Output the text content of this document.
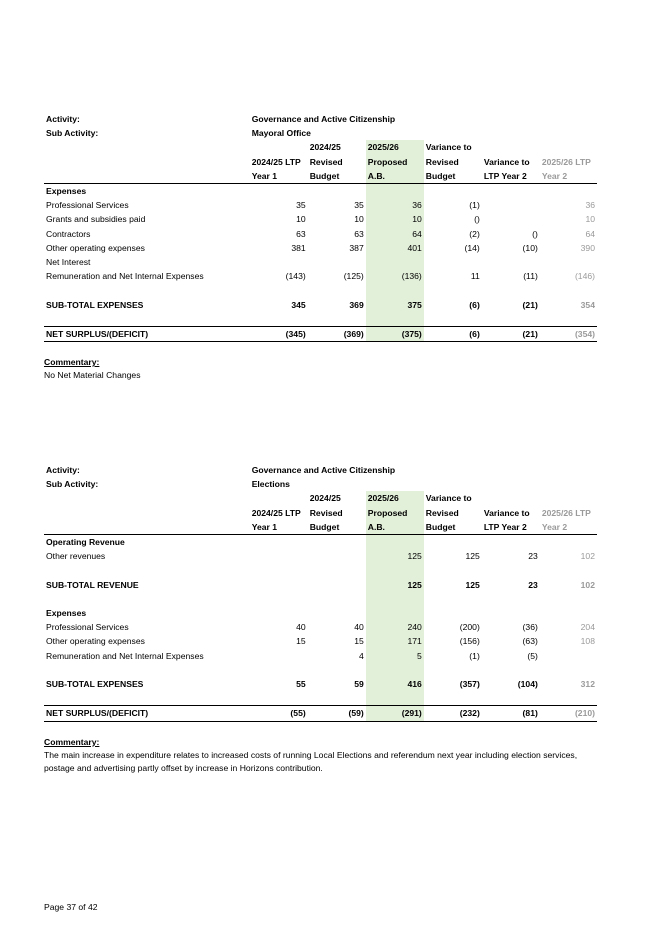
Activity:	Governance and Active Citizenship					
Sub Activity:	Mayoral Office					
		2024/25	2025/26	Variance to		
	2024/25 LTP	Revised	Proposed	Revised	Variance to	2025/26 LTP
	Year 1	Budget	A.B.	Budget	LTP Year 2	Year 2
Expenses						
Professional Services	35	35	36	(1)		36
Grants and subsidies paid	10	10	10	()		10
Contractors	63	63	64	(2)	()	64
Other operating expenses	381	387	401	(14)	(10)	390
Net Interest						
Remuneration and Net Internal Expenses	(143)	(125)	(136)	11	(11)	(146)

SUB-TOTAL EXPENSES	345	369	375	(6)	(21)	354

NET SURPLUS/(DEFICIT)	(345)	(369)	(375)	(6)	(21)	(354)
Commentary:
No Net Material Changes
Activity:	Governance and Active Citizenship					
Sub Activity:	Elections					
		2024/25	2025/26	Variance to		
	2024/25 LTP	Revised	Proposed	Revised	Variance to	2025/26 LTP
	Year 1	Budget	A.B.	Budget	LTP Year 2	Year 2
Operating Revenue						
Other revenues			125	125	23	102

SUB-TOTAL REVENUE			125	125	23	102

Expenses						
Professional Services	40	40	240	(200)	(36)	204
Other operating expenses	15	15	171	(156)	(63)	108
Remuneration and Net Internal Expenses		4	5	(1)	(5)	

SUB-TOTAL EXPENSES	55	59	416	(357)	(104)	312

NET SURPLUS/(DEFICIT)	(55)	(59)	(291)	(232)	(81)	(210)
Commentary:
The main increase in expenditure relates to increased costs of running Local Elections and referendum next year including election services, postage and advertising partly offset by increase in Horizons contribution.
Page 37 of 42
